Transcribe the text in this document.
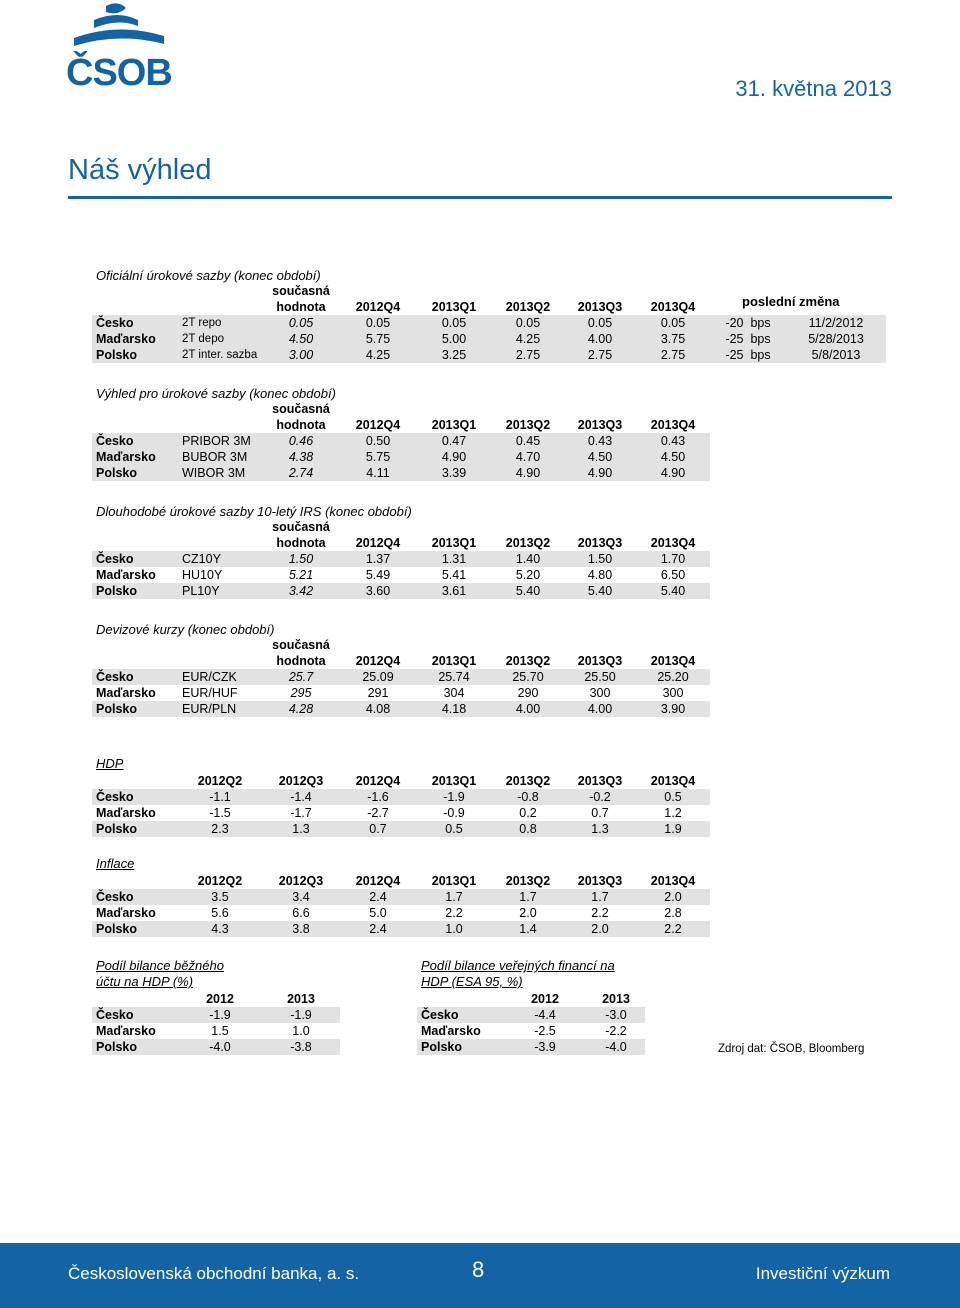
ČSOB	31. května 2013
Náš výhled
Oficiální úrokové sazby (konec období)
poslední změna
		současná							
		hodnota	2012Q4	2013Q1	2013Q2	2013Q3	2013Q4		
Česko	2T repo	0.05	0.05	0.05	0.05	0.05	0.05	-20 bps	11/2/2012
Maďarsko	2T depo	4.50	5.75	5.00	4.25	4.00	3.75	-25 bps	5/28/2013
Polsko	2T inter. sazba	3.00	4.25	3.25	2.75	2.75	2.75	-25 bps	5/8/2013
Výhled pro úrokové sazby (konec období)
		současná					
		hodnota	2012Q4	2013Q1	2013Q2	2013Q3	2013Q4
Česko	PRIBOR 3M	0.46	0.50	0.47	0.45	0.43	0.43
Maďarsko	BUBOR 3M	4.38	5.75	4.90	4.70	4.50	4.50
Polsko	WIBOR 3M	2.74	4.11	3.39	4.90	4.90	4.90
Dlouhodobé úrokové sazby 10-letý IRS (konec období)
		současná					
		hodnota	2012Q4	2013Q1	2013Q2	2013Q3	2013Q4
Česko	CZ10Y	1.50	1.37	1.31	1.40	1.50	1.70
Maďarsko	HU10Y	5.21	5.49	5.41	5.20	4.80	6.50
Polsko	PL10Y	3.42	3.60	3.61	5.40	5.40	5.40
Devizové kurzy (konec období)
		současná					
		hodnota	2012Q4	2013Q1	2013Q2	2013Q3	2013Q4
Česko	EUR/CZK	25.7	25.09	25.74	25.70	25.50	25.20
Maďarsko	EUR/HUF	295	291	304	290	300	300
Polsko	EUR/PLN	4.28	4.08	4.18	4.00	4.00	3.90
HDP
	2012Q2	2012Q3	2012Q4	2013Q1	2013Q2	2013Q3	2013Q4
Česko	-1.1	-1.4	-1.6	-1.9	-0.8	-0.2	0.5
Maďarsko	-1.5	-1.7	-2.7	-0.9	0.2	0.7	1.2
Polsko	2.3	1.3	0.7	0.5	0.8	1.3	1.9
Inflace
	2012Q2	2012Q3	2012Q4	2013Q1	2013Q2	2013Q3	2013Q4
Česko	3.5	3.4	2.4	1.7	1.7	1.7	2.0
Maďarsko	5.6	6.6	5.0	2.2	2.0	2.2	2.8
Polsko	4.3	3.8	2.4	1.0	1.4	2.0	2.2
Podíl bilance běžného
účtu na HDP (%)
	2012	2013
Česko	-1.9	-1.9
Maďarsko	1.5	1.0
Polsko	-4.0	-3.8
Podíl bilance veřejných financí na
HDP (ESA 95, %)
	2012	2013
Česko	-4.4	-3.0
Maďarsko	-2.5	-2.2
Polsko	-3.9	-4.0	Zdroj dat: ČSOB, Bloomberg
Československá obchodní banka, a. s.	8	Investiční výzkum
